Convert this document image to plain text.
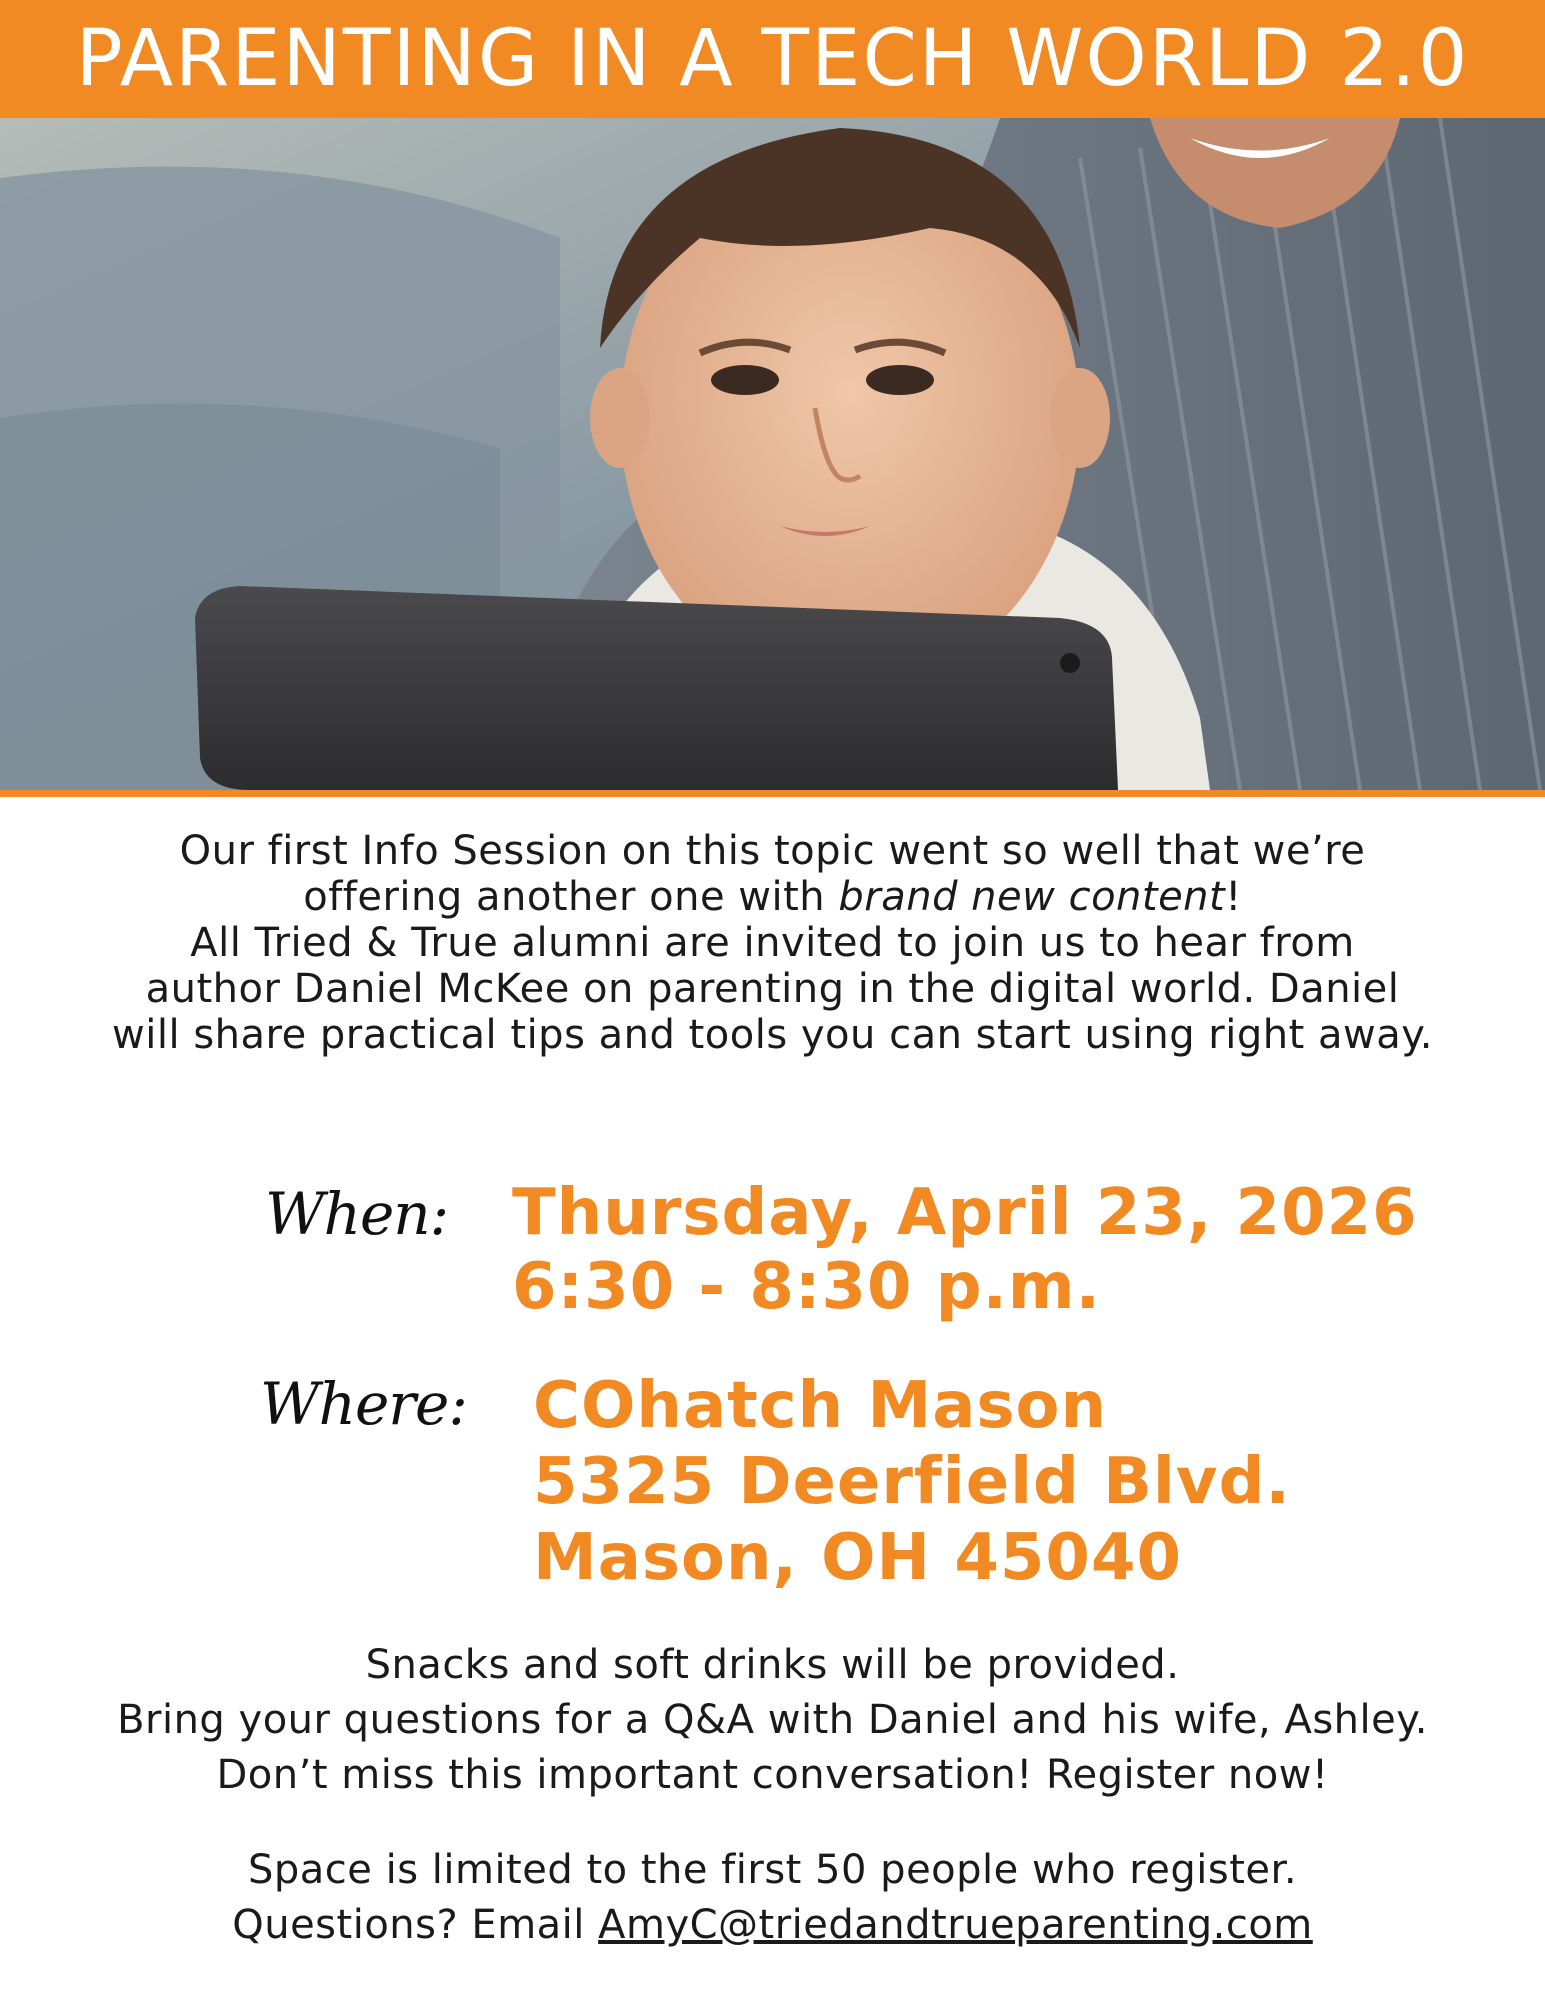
PARENTING IN A TECH WORLD 2.0

Our first Info Session on this topic went so well that we’re

offering another one with brand new content!

All Tried & True alumni are invited to join us to hear from

author Daniel McKee on parenting in the digital world. Daniel

will share practical tips and tools you can start using right away.

When: Thursday, April 23, 2026
6:30 - 8:30 p.m.
Where: COhatch Mason
5325 Deerfield Blvd.
Mason, OH 45040
Snacks and soft drinks will be provided.
Bring your questions for a Q&A with Daniel and his wife, Ashley.
Don’t miss this important conversation! Register now!
Space is limited to the first 50 people who register.
Questions? Email AmyC@triedandtrueparenting.com
